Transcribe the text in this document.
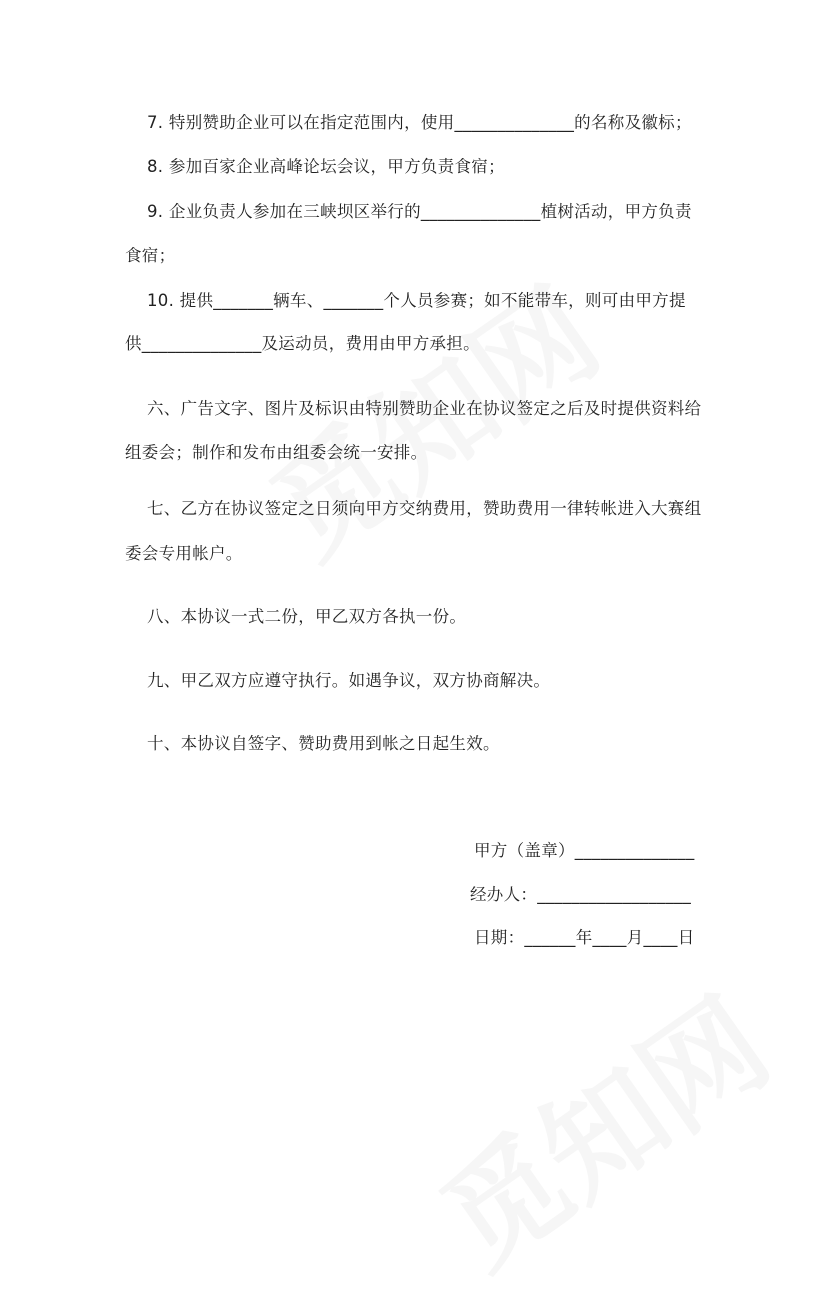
7. 特别赞助企业可以在指定范围内，使用______________的名称及徽标；
8. 参加百家企业高峰论坛会议，甲方负责食宿；
9. 企业负责人参加在三峡坝区举行的______________植树活动，甲方负责
食宿；
10. 提供_______辆车、_______个人员参赛；如不能带车，则可由甲方提
供______________及运动员，费用由甲方承担。
六、广告文字、图片及标识由特别赞助企业在协议签定之后及时提供资料给
组委会；制作和发布由组委会统一安排。
七、乙方在协议签定之日须向甲方交纳费用，赞助费用一律转帐进入大赛组
委会专用帐户。
八、本协议一式二份，甲乙双方各执一份。
九、甲乙双方应遵守执行。如遇争议，双方协商解决。
十、本协议自签字、赞助费用到帐之日起生效。
甲方（盖章）______________
经办人：__________________
日期：______年____月____日
